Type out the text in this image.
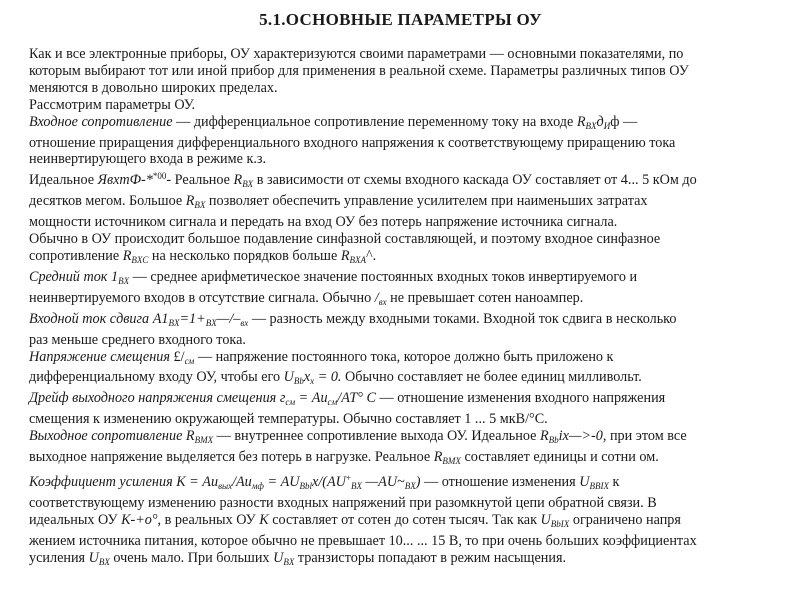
5.1.ОСНОВНЫЕ ПАРАМЕТРЫ ОУ
Как и все электронные приборы, ОУ характеризуются своими параметрами — основными показателями, по
которым выбирают тот или иной прибор для применения в реальной схеме. Параметры различных типов ОУ
меняются в довольно широких пределах.
Рассмотрим параметры ОУ.
Входное сопротивление — дифференциальное сопротивление переменному току на входе $R_{BX}д_Иф$ —
отношение приращения дифференциального входного напряжения к соответствующему приращению тока
неинвертирующего входа в режиме к.з.
Идеальное ЯвхтФ-*$^{*00}$- Реальное $R_{BX}$ в зависимости от схемы входного каскада ОУ составляет от 4... 5 кОм до
десятков мегом. Большое $R_{BX}$ позволяет обеспечить управление усилителем при наименьших затратах
мощности источником сигнала и передать на вход ОУ без потерь напряжение источника сигнала.
Обычно в ОУ происходит большое подавление синфазной составляющей, и поэтому входное синфазное
сопротивление $R_{BXC}$ на несколько порядков больше $R_{BXA}\^{}$.
Средний ток $1_{BX}$ — среднее арифметическое значение постоянных входных токов инвертируемого и
неинвертируемого входов в отсутствие сигнала. Обычно $/_{вх}$ не превышает сотен наноампер.
Входной ток сдвига $А1_{BX}=1+_{BX}—/-_{вх}$ — разность между входными токами. Входной ток сдвига в несколько
раз меньше среднего входного тока.
Напряжение смещения $£/_{см}$ — напряжение постоянного тока, которое должно быть приложено к
дифференциальному входу ОУ, чтобы его $U_{Bb}x_x = 0$. Обычно составляет не более единиц милливольт.
Дрейф выходного напряжения смещения $г_{см} = Аи_{см}/АТ^\circ$ С — отношение изменения входного напряжения
смещения к изменению окружающей температуры. Обычно составляет 1 ... 5 мкВ/°С.
Выходное сопротивление $R_{BMX}$ — внутреннее сопротивление выхода ОУ. Идеальное $R_{Bb}ix—>-0$, при этом все
выходное напряжение выделяется без потерь в нагрузке. Реальное $R_{BMX}$ составляет единицы и сотни ом.
Коэффициент усиления $К = Аи_{вых}/Аи_{мф} = АU_{Bbl}х/(АU^+_{BX}$ $—АU\sim_{BX}$) — отношение изменения $U_{BBIX}$ к
соответствующему изменению разности входных напряжений при разомкнутой цепи обратной связи. В
идеальных ОУ К-+о°, в реальных ОУ К составляет от сотен до сотен тысяч. Так как $U_{BbIX}$ ограничено напря
жением источника питания, которое обычно не превышает 10... ... 15 В, то при очень больших коэффициентах
усиления $U_{BX}$ очень мало. При больших $U_{BX}$ транзисторы попадают в режим насыщения.
